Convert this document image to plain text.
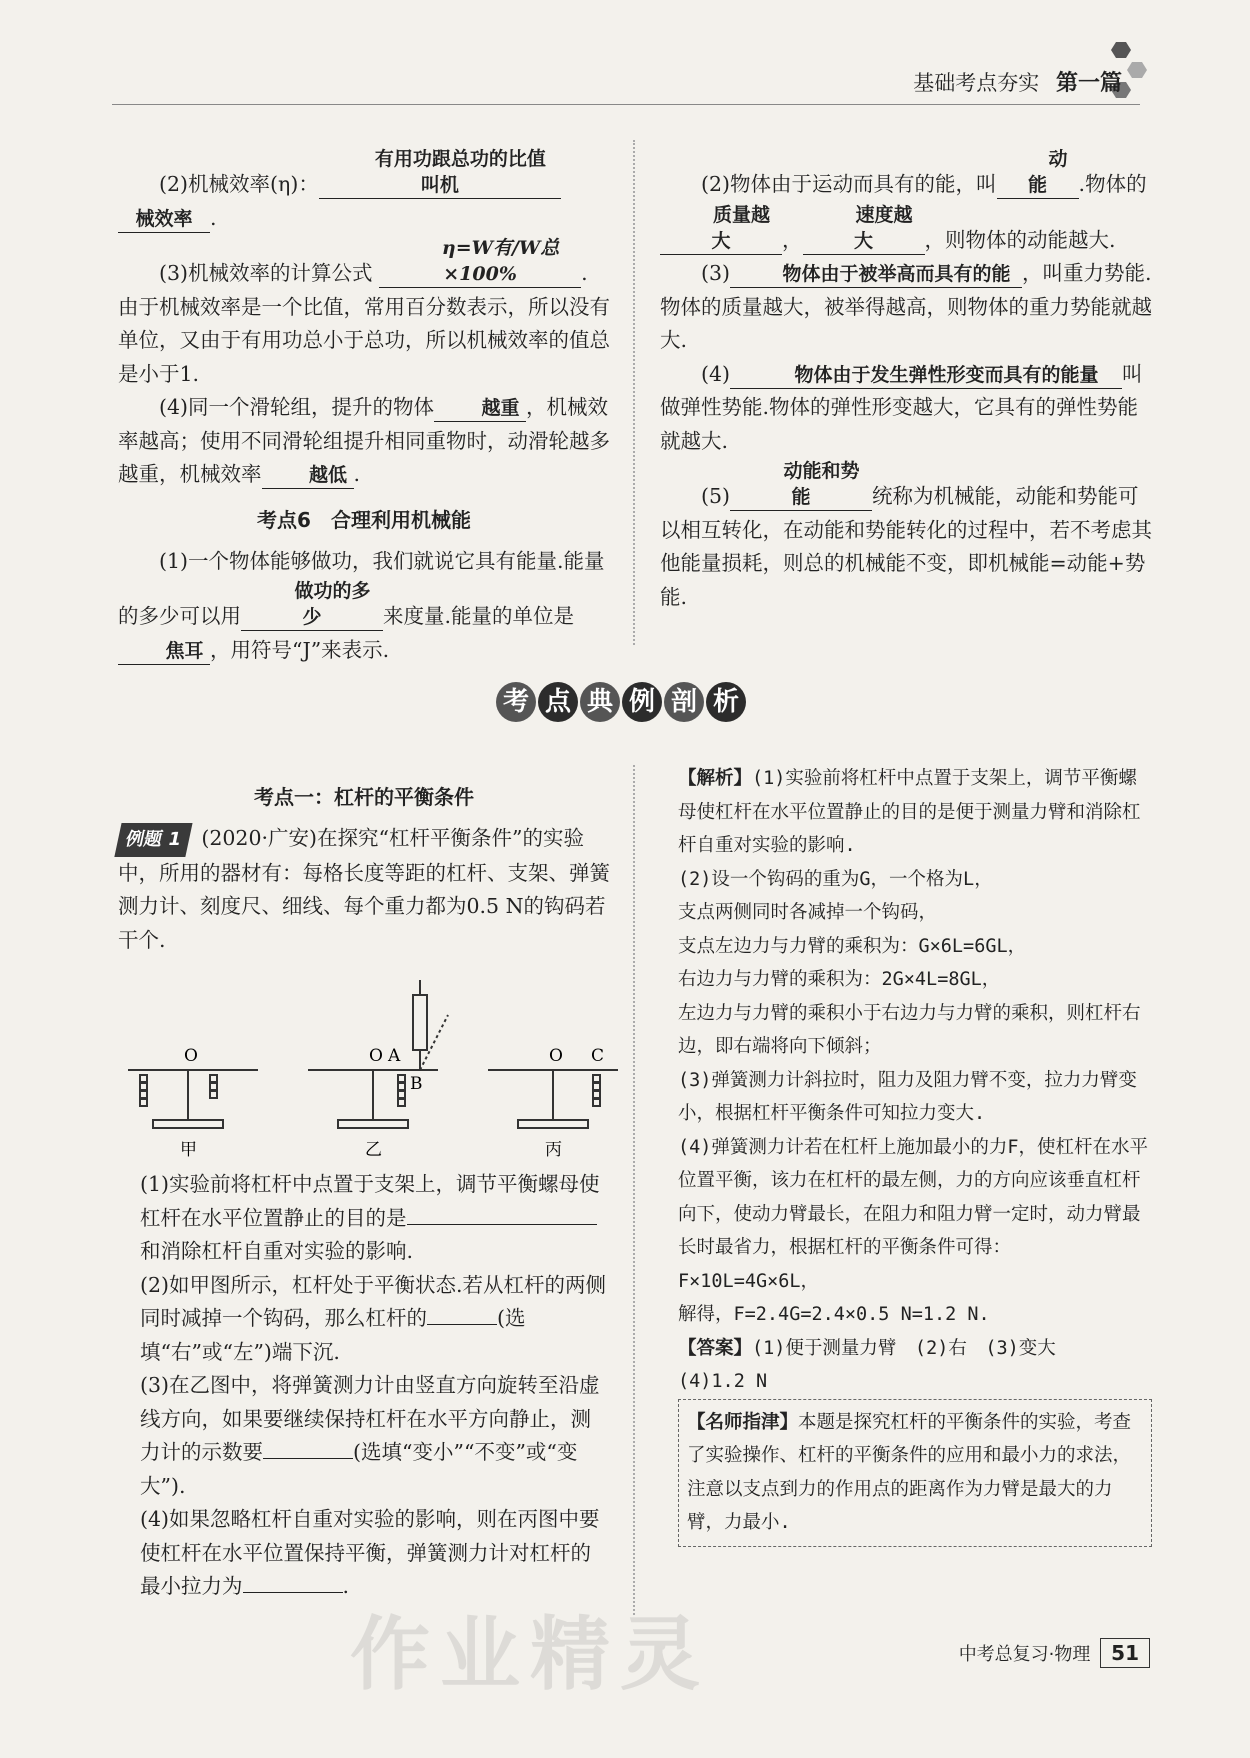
基础考点夯实 第一篇

(2)机械效率(η)：有用功跟总功的比值叫机

械效率 .

(3)机械效率的计算公式 η=W有/W总×100%	.

由于机械效率是一个比值，常用百分数表示，所以没有单位，又由于有用功总小于总功，所以机械效率的值总是小于1.

(4)同一个滑轮组，提升的物体 越重 ，机械效率越高；使用不同滑轮组提升相同重物时，动滑轮越多越重，机械效率 越低 .

考点6　合理利用机械能

(1)一个物体能够做功，我们就说它具有能量.能量的多少可以用做功的多少	来度量.能量的单位是焦耳 ，用符号“J”来表示.

(2)物体由于运动而具有的能，叫动能 .物体的质量越大	，速度越大	，则物体的动能越大.

(3)	物体由于被举高而具有的能 ，叫重力势能.物体的质量越大，被举得越高，则物体的重力势能就越大.

(4)	物体由于发生弹性形变而具有的能量 叫做弹性势能.物体的弹性形变越大，它具有的弹性势能就越大.

(5)动能和势能	统称为机械能，动能和势能可以相互转化，在动能和势能转化的过程中，若不考虑其他能量损耗，则总的机械能不变，即机械能=动能+势能.

考 点 典 例 剖 析
考点一：杠杆的平衡条件

例题 1 (2020·广安)在探究“杠杆平衡条件”的实验中，所用的器材有：每格长度等距的杠杆、支架、弹簧测力计、刻度尺、细线、每个重力都为0.5 N的钩码若干个.

O	O A
B
O C
甲	乙	丙

(1)实验前将杠杆中点置于支架上，调节平衡螺母使杠杆在水平位置静止的目的是和消除杠杆自重对实验的影响.

(2)如甲图所示，杠杆处于平衡状态.若从杠杆的两侧同时减掉一个钩码，那么杠杆的	(选填“右”或“左”)端下沉.

(3)在乙图中，将弹簧测力计由竖直方向旋转至沿虚线方向，如果要继续保持杠杆在水平方向静止，测力计的示数要	(选填“变小”“不变”或“变大”).

(4)如果忽略杠杆自重对实验的影响，则在丙图中要使杠杆在水平位置保持平衡，弹簧测力计对杠杆的最小拉力为	.

【解析】(1)实验前将杠杆中点置于支架上，调节平衡螺母使杠杆在水平位置静止的目的是便于测量力臂和消除杠杆自重对实验的影响.

(2)设一个钩码的重为G，一个格为L，

支点两侧同时各减掉一个钩码，

支点左边力与力臂的乘积为：G×6L=6GL，

右边力与力臂的乘积为：2G×4L=8GL，

左边力与力臂的乘积小于右边力与力臂的乘积，则杠杆右边，即右端将向下倾斜；

(3)弹簧测力计斜拉时，阻力及阻力臂不变，拉力力臂变小，根据杠杆平衡条件可知拉力变大.

(4)弹簧测力计若在杠杆上施加最小的力F，使杠杆在水平位置平衡，该力在杠杆的最左侧，力的方向应该垂直杠杆向下，使动力臂最长，在阻力和阻力臂一定时，动力臂最长时最省力，根据杠杆的平衡条件可得：

F×10L=4G×6L，

解得，F=2.4G=2.4×0.5 N=1.2 N.

【答案】(1)便于测量力臂　(2)右　(3)变大

(4)1.2 N

【名师指津】本题是探究杠杆的平衡条件的实验，考查了实验操作、杠杆的平衡条件的应用和最小力的求法，注意以支点到力的作用点的距离作为力臂是最大的力臂，力最小.

作业精灵	中考总复习·物理 51
